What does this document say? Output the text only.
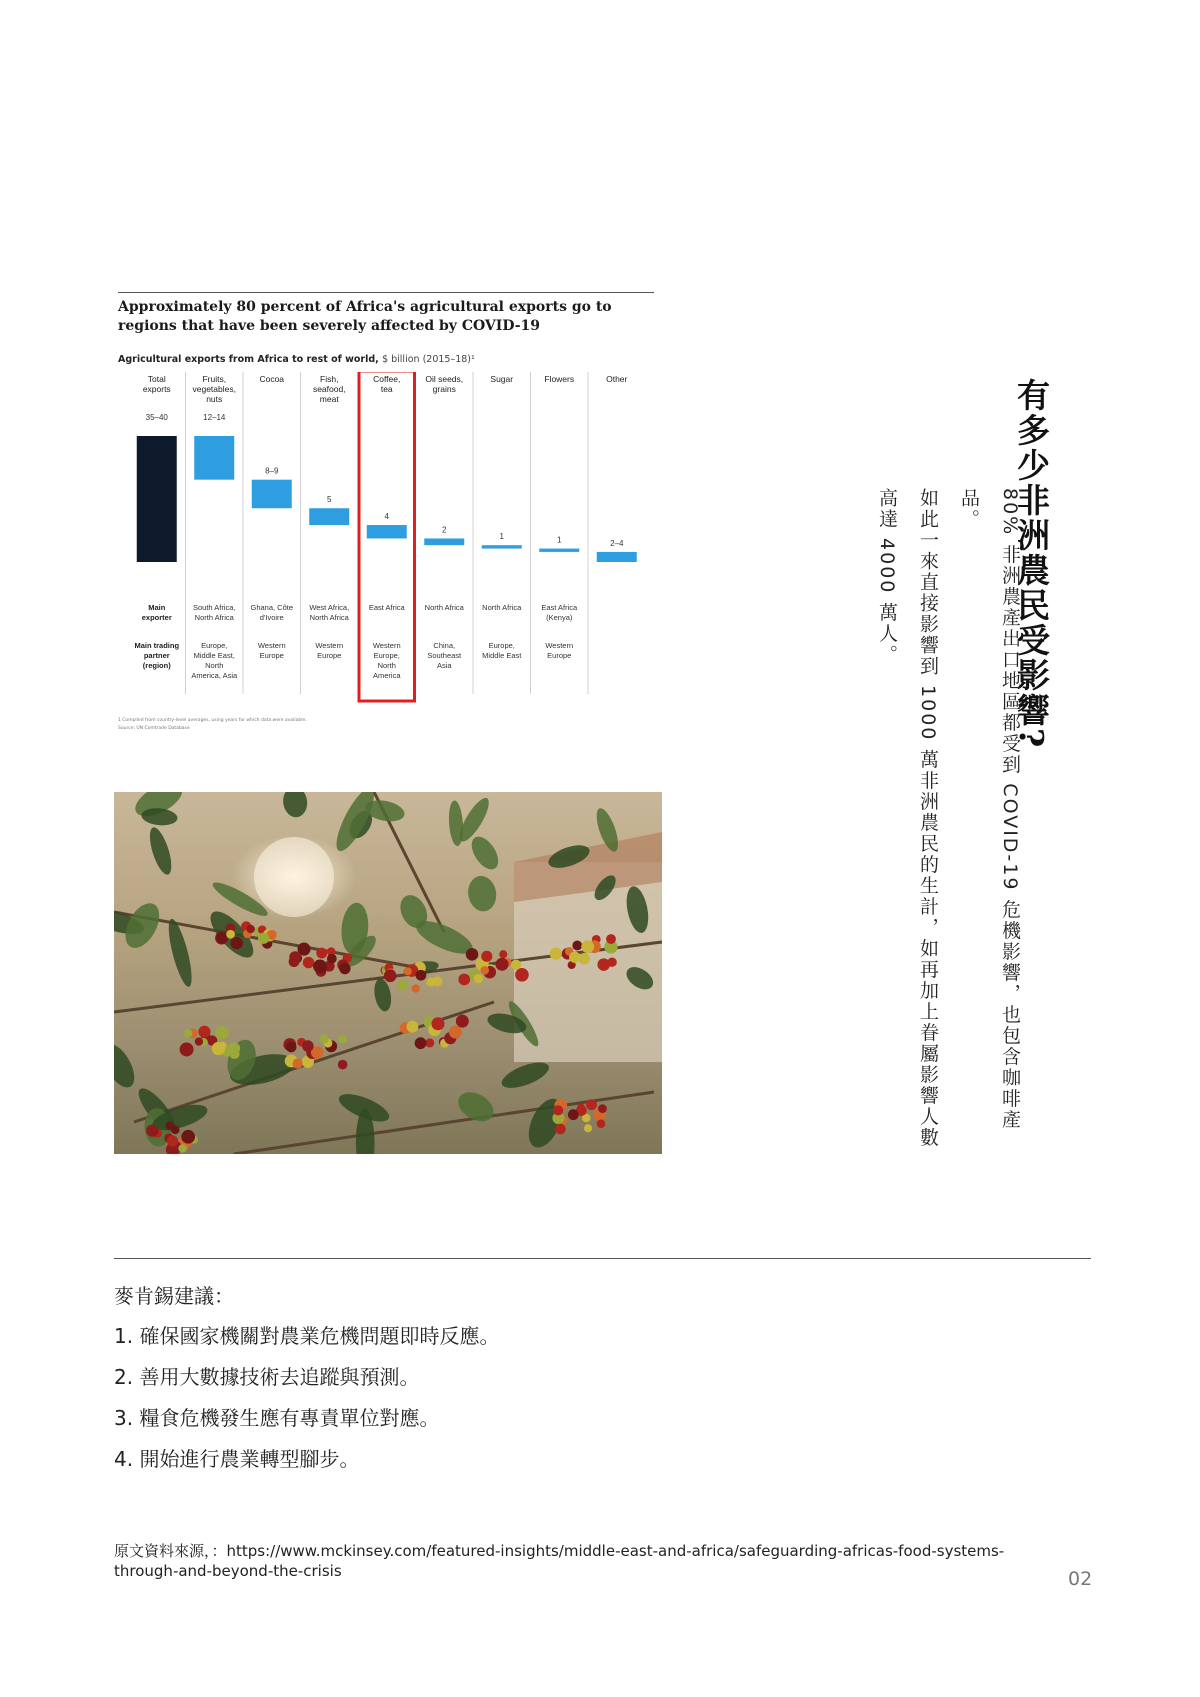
Approximately 80 percent of Africa's agricultural exports go to regions that have been severely affected by COVID-19
Agricultural exports from Africa to rest of world, $ billion (2015–18)¹
Total
exports
35–40
Fruits,
vegetables,
nuts
12–14
South Africa,
North Africa
Europe,
Middle East,
North
America, Asia
Cocoa
8–9
Ghana, Côte
d'Ivoire
Western
Europe
Fish,
seafood,
meat
5
West Africa,
North Africa
Western
Europe
Coffee,
tea
4
East Africa
Western
Europe,
North
America
Oil seeds,
grains
2
North Africa
China,
Southeast
Asia
Sugar
1
North Africa
Europe,
Middle East
Flowers
1
East Africa
(Kenya)
Western
Europe
Other
2–4
Main
exporter
Main trading
partner
(region)
1 Compiled from country-level averages, using years for which data were available.
Source: UN Comtrade Database	有多少非洲農民受影響?
80% 非洲農產出口地區都受到 COVID-19 危機影響，也包含咖啡產品。
如此一來直接影響到 1000 萬非洲農民的生計，如再加上眷屬影響人數
高達 4000 萬人。
麥肯錫建議：
1. 確保國家機關對農業危機問題即時反應。
2. 善用大數據技術去追蹤與預測。
3. 糧食危機發生應有專責單位對應。
4. 開始進行農業轉型腳步。
原文資料來源，：https://www.mckinsey.com/featured-insights/middle-east-and-africa/safeguarding-africas-food-systems-through-and-beyond-the-crisis	02
